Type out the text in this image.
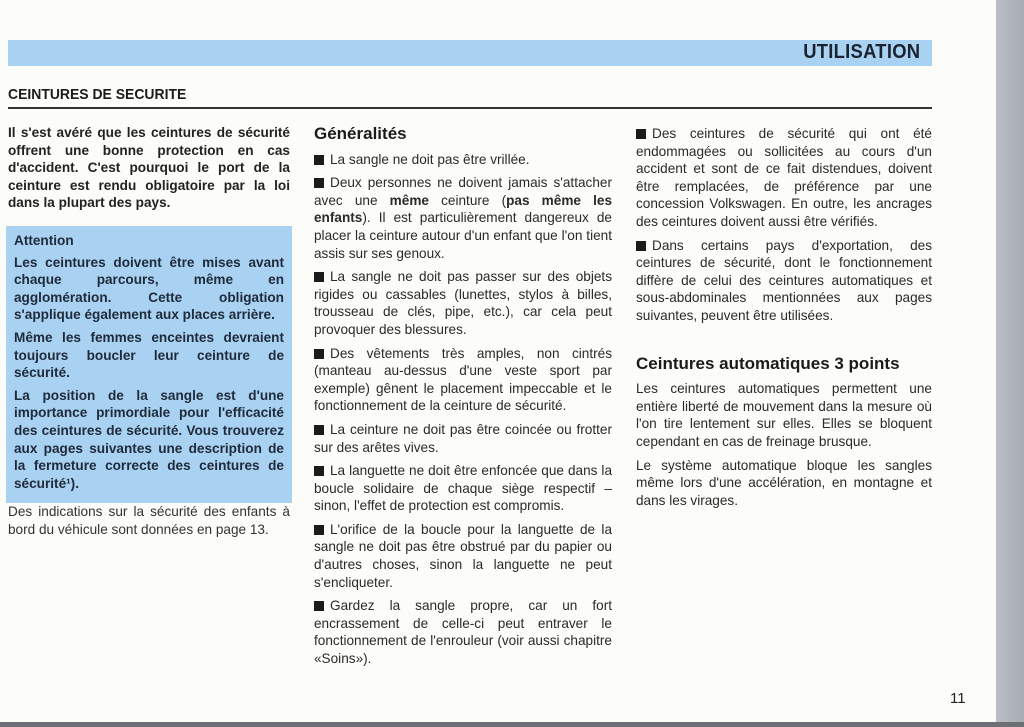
UTILISATION
CEINTURES DE SECURITE

Il s'est avéré que les ceintures de sécurité offrent une bonne protection en cas d'accident. C'est pourquoi le port de la ceinture est rendu obligatoire par la loi dans la plupart des pays.

Attention

Les ceintures doivent être mises avant chaque parcours, même en agglomération. Cette obligation s'applique également aux places arrière.

Même les femmes enceintes devraient toujours boucler leur ceinture de sécurité.

La position de la sangle est d'une importance primordiale pour l'efficacité des ceintures de sécurité. Vous trouverez aux pages suivantes une description de la fermeture correcte des ceintures de sécurité¹).

Des indications sur la sécurité des enfants à bord du véhicule sont données en page 13.

Généralités

La sangle ne doit pas être vrillée.

Deux personnes ne doivent jamais s'attacher avec une même ceinture (pas même les enfants). Il est particulièrement dangereux de placer la ceinture autour d'un enfant que l'on tient assis sur ses genoux.

La sangle ne doit pas passer sur des objets rigides ou cassables (lunettes, stylos à billes, trousseau de clés, pipe, etc.), car cela peut provoquer des blessures.

Des vêtements très amples, non cintrés (manteau au-dessus d'une veste sport par exemple) gênent le placement impeccable et le fonctionnement de la ceinture de sécurité.

La ceinture ne doit pas être coincée ou frotter sur des arêtes vives.

La languette ne doit être enfoncée que dans la boucle solidaire de chaque siège respectif – sinon, l'effet de protection est compromis.

L'orifice de la boucle pour la languette de la sangle ne doit pas être obstrué par du papier ou d'autres choses, sinon la languette ne peut s'encliqueter.

Gardez la sangle propre, car un fort encrassement de celle-ci peut entraver le fonctionnement de l'enrouleur (voir aussi chapitre «Soins»).

Des ceintures de sécurité qui ont été endommagées ou sollicitées au cours d'un accident et sont de ce fait distendues, doivent être remplacées, de préférence par une concession Volkswagen. En outre, les ancrages des ceintures doivent aussi être vérifiés.

Dans certains pays d'exportation, des ceintures de sécurité, dont le fonctionnement diffère de celui des ceintures automatiques et sous-abdominales mentionnées aux pages suivantes, peuvent être utilisées.

Ceintures automatiques 3 points

Les ceintures automatiques permettent une entière liberté de mouvement dans la mesure où l'on tire lentement sur elles. Elles se bloquent cependant en cas de freinage brusque.

Le système automatique bloque les sangles même lors d'une accélération, en montagne et dans les virages.

11
